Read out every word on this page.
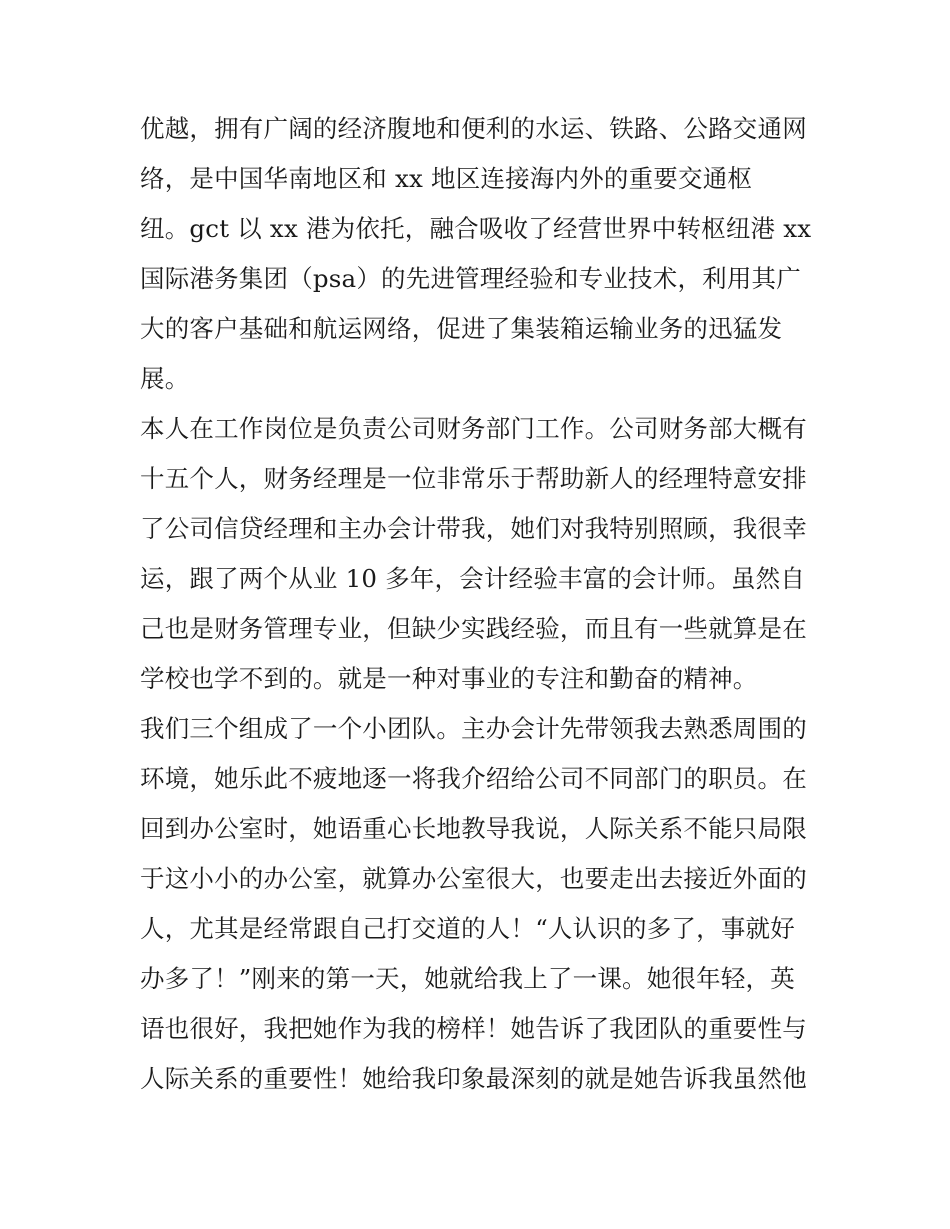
优越，拥有广阔的经济腹地和便利的水运、铁路、公路交通网
络，是中国华南地区和 xx 地区连接海内外的重要交通枢
纽。gct 以 xx 港为依托，融合吸收了经营世界中转枢纽港 xx
国际港务集团（psa）的先进管理经验和专业技术，利用其广
大的客户基础和航运网络，促进了集装箱运输业务的迅猛发
展。
本人在工作岗位是负责公司财务部门工作。公司财务部大概有
十五个人，财务经理是一位非常乐于帮助新人的经理特意安排
了公司信贷经理和主办会计带我，她们对我特别照顾，我很幸
运，跟了两个从业 10 多年，会计经验丰富的会计师。虽然自
己也是财务管理专业，但缺少实践经验，而且有一些就算是在
学校也学不到的。就是一种对事业的专注和勤奋的精神。
我们三个组成了一个小团队。主办会计先带领我去熟悉周围的
环境，她乐此不疲地逐一将我介绍给公司不同部门的职员。在
回到办公室时，她语重心长地教导我说，人际关系不能只局限
于这小小的办公室，就算办公室很大，也要走出去接近外面的
人，尤其是经常跟自己打交道的人！“人认识的多了，事就好
办多了！”刚来的第一天，她就给我上了一课。她很年轻，英
语也很好，我把她作为我的榜样！她告诉了我团队的重要性与
人际关系的重要性！她给我印象最深刻的就是她告诉我虽然他
